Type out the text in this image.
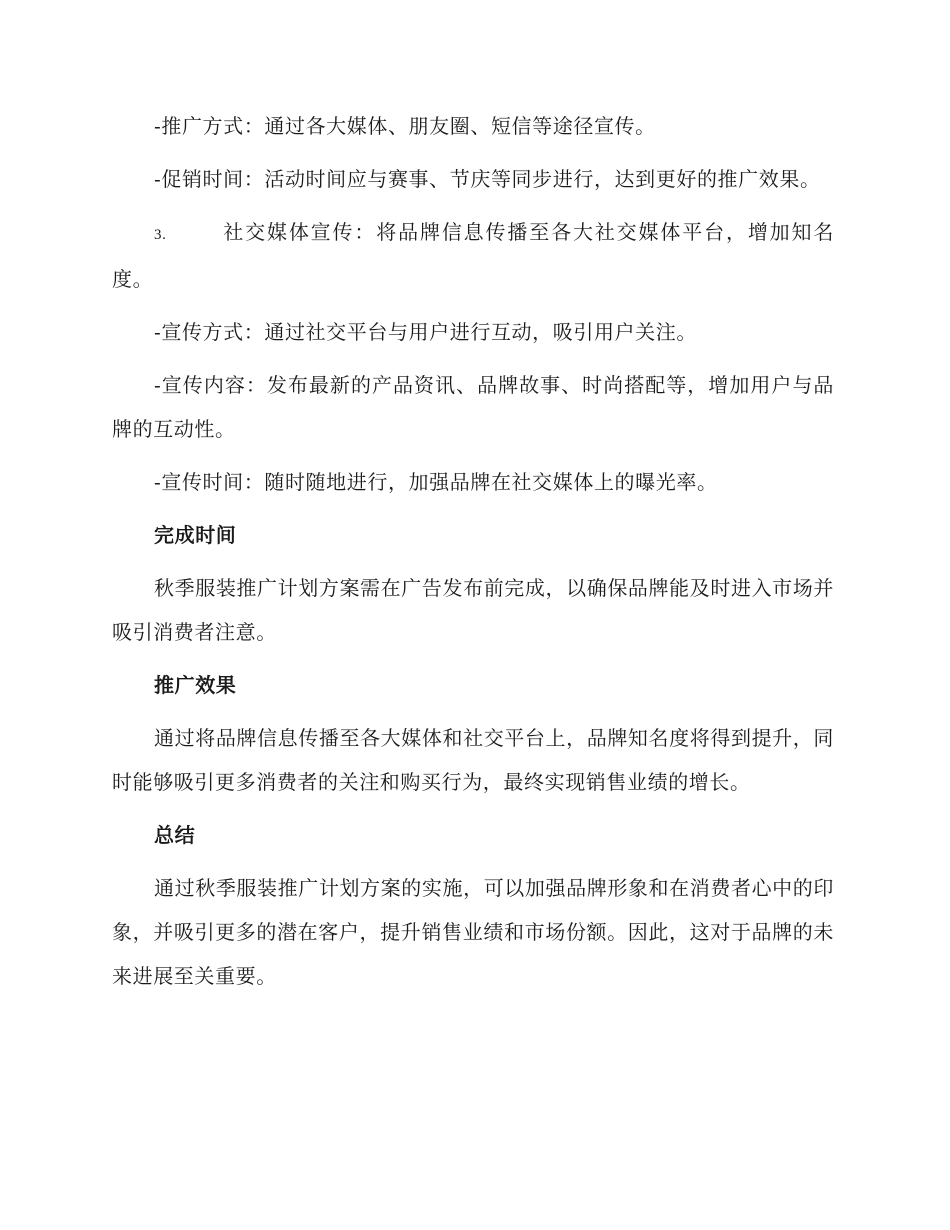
-推广方式：通过各大媒体、朋友圈、短信等途径宣传。

-促销时间：活动时间应与赛事、节庆等同步进行，达到更好的推广效果。

3.	社交媒体宣传：将品牌信息传播至各大社交媒体平台，增加知名度。

-宣传方式：通过社交平台与用户进行互动，吸引用户关注。

-宣传内容：发布最新的产品资讯、品牌故事、时尚搭配等，增加用户与品牌的互动性。

-宣传时间：随时随地进行，加强品牌在社交媒体上的曝光率。

完成时间

秋季服装推广计划方案需在广告发布前完成，以确保品牌能及时进入市场并吸引消费者注意。

推广效果

通过将品牌信息传播至各大媒体和社交平台上，品牌知名度将得到提升，同时能够吸引更多消费者的关注和购买行为，最终实现销售业绩的增长。

总结

通过秋季服装推广计划方案的实施，可以加强品牌形象和在消费者心中的印象，并吸引更多的潜在客户，提升销售业绩和市场份额。因此，这对于品牌的未来进展至关重要。
